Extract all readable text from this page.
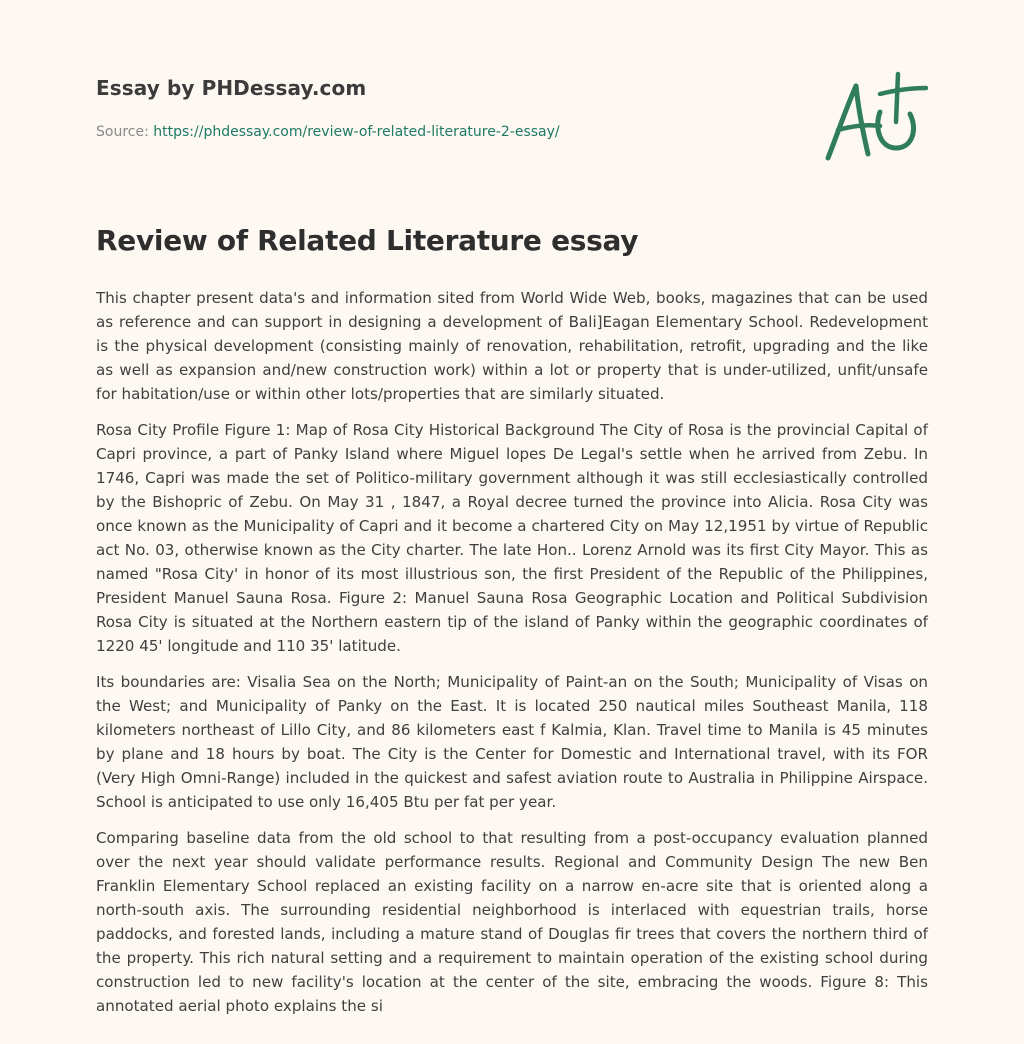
Essay by PHDessay.com
Source: https://phdessay.com/review-of-related-literature-2-essay/
Review of Related Literature essay

This chapter present data's and information sited from World Wide Web, books, magazines that can be used as reference and can support in designing a development of Bali]Eagan Elementary School. Redevelopment is the physical development (consisting mainly of renovation, rehabilitation, retrofit, upgrading and the like as well as expansion and/new construction work) within a lot or property that is under-utilized, unfit/unsafe for habitation/use or within other lots/properties that are similarly situated.

Rosa City Profile Figure 1: Map of Rosa City Historical Background The City of Rosa is the provincial Capital of Capri province, a part of Panky Island where Miguel lopes De Legal's settle when he arrived from Zebu. In 1746, Capri was made the set of Politico-military government although it was still ecclesiastically controlled by the Bishopric of Zebu. On May 31 , 1847, a Royal decree turned the province into Alicia. Rosa City was once known as the Municipality of Capri and it become a chartered City on May 12,1951 by virtue of Republic act No. 03, otherwise known as the City charter. The late Hon.. Lorenz Arnold was its first City Mayor. This as named "Rosa City' in honor of its most illustrious son, the first President of the Republic of the Philippines, President Manuel Sauna Rosa. Figure 2: Manuel Sauna Rosa Geographic Location and Political Subdivision Rosa City is situated at the Northern eastern tip of the island of Panky within the geographic coordinates of 1220 45' longitude and 110 35' latitude.

Its boundaries are: Visalia Sea on the North; Municipality of Paint-an on the South; Municipality of Visas on the West; and Municipality of Panky on the East. It is located 250 nautical miles Southeast Manila, 118 kilometers northeast of Lillo City, and 86 kilometers east f Kalmia, Klan. Travel time to Manila is 45 minutes by plane and 18 hours by boat. The City is the Center for Domestic and International travel, with its FOR (Very High Omni-Range) included in the quickest and safest aviation route to Australia in Philippine Airspace. School is anticipated to use only 16,405 Btu per fat per year.

Comparing baseline data from the old school to that resulting from a post-occupancy evaluation planned over the next year should validate performance results. Regional and Community Design The new Ben Franklin Elementary School replaced an existing facility on a narrow en-acre site that is oriented along a north-south axis. The surrounding residential neighborhood is interlaced with equestrian trails, horse paddocks, and forested lands, including a mature stand of Douglas fir trees that covers the northern third of the property. This rich natural setting and a requirement to maintain operation of the existing school during construction led to new facility's location at the center of the site, embracing the woods. Figure 8: This annotated aerial photo explains the si
